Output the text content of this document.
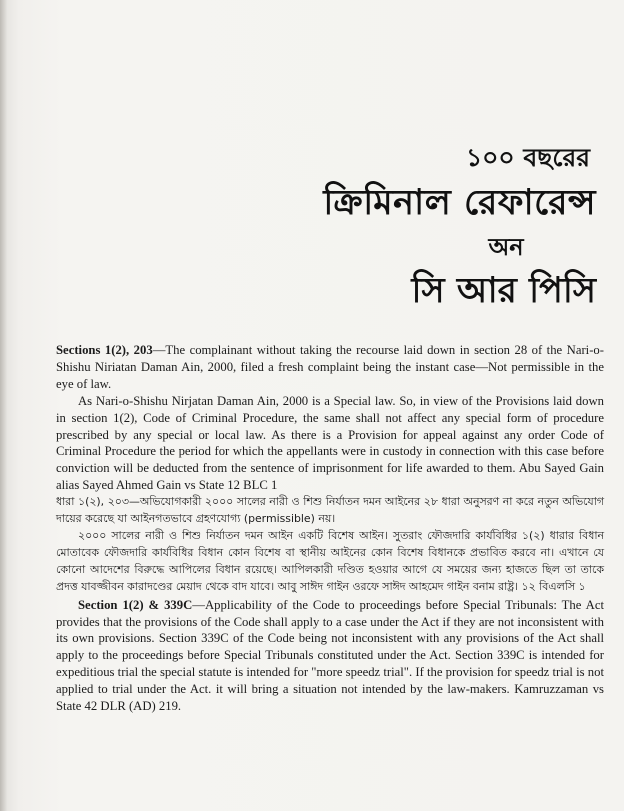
১০০ বছরের
ক্রিমিনাল রেফারেন্স
অন
সি আর পিসি

Sections 1(2), 203—The complainant without taking the recourse laid down in section 28 of the Nari-o-Shishu Niriatan Daman Ain, 2000, filed a fresh complaint being the instant case—Not permissible in the eye of law.

As Nari-o-Shishu Nirjatan Daman Ain, 2000 is a Special law. So, in view of the Provisions laid down in section 1(2), Code of Criminal Procedure, the same shall not affect any special form of procedure prescribed by any special or local law. As there is a Provision for appeal against any order Code of Criminal Procedure the period for which the appellants were in custody in connection with this case before conviction will be deducted from the sentence of imprisonment for life awarded to them. Abu Sayed Gain alias Sayed Ahmed Gain vs State 12 BLC 1

ধারা ১(২), ২০৩—অভিযোগকারী ২০০০ সালের নারী ও শিশু নির্যাতন দমন আইনের ২৮ ধারা অনুসরণ না করে নতুন অভিযোগ দায়ের করেছে যা আইনগতভাবে গ্রহণযোগ্য (permissible) নয়।

২০০০ সালের নারী ও শিশু নির্যাতন দমন আইন একটি বিশেষ আইন। সুতরাং ফৌজদারি কার্যবিধির ১(২) ধারার বিধান মোতাবেক ফৌজদারি কার্যবিধির বিধান কোন বিশেষ বা স্থানীয় আইনের কোন বিশেষ বিধানকে প্রভাবিত করবে না। এখানে যে কোনো আদেশের বিরুদ্ধে আপিলের বিধান রয়েছে। আপিলকারী দণ্ডিত হওয়ার আগে যে সময়ের জন্য হাজতে ছিল তা তাকে প্রদত্ত যাবজ্জীবন কারাদণ্ডের মেয়াদ থেকে বাদ যাবে। আবু সাঈদ গাইন ওরফে সাঈদ আহমেদ গাইন বনাম রাষ্ট্র। ১২ বিএলসি ১

Section 1(2) & 339C—Applicability of the Code to proceedings before Special Tribunals: The Act provides that the provisions of the Code shall apply to a case under the Act if they are not inconsistent with its own provisions. Section 339C of the Code being not inconsistent with any provisions of the Act shall apply to the proceedings before Special Tribunals constituted under the Act. Section 339C is intended for expeditious trial the special statute is intended for "more speedz trial". If the provision for speedz trial is not applied to trial under the Act. it will bring a situation not intended by the law-makers. Kamruzzaman vs State 42 DLR (AD) 219.
